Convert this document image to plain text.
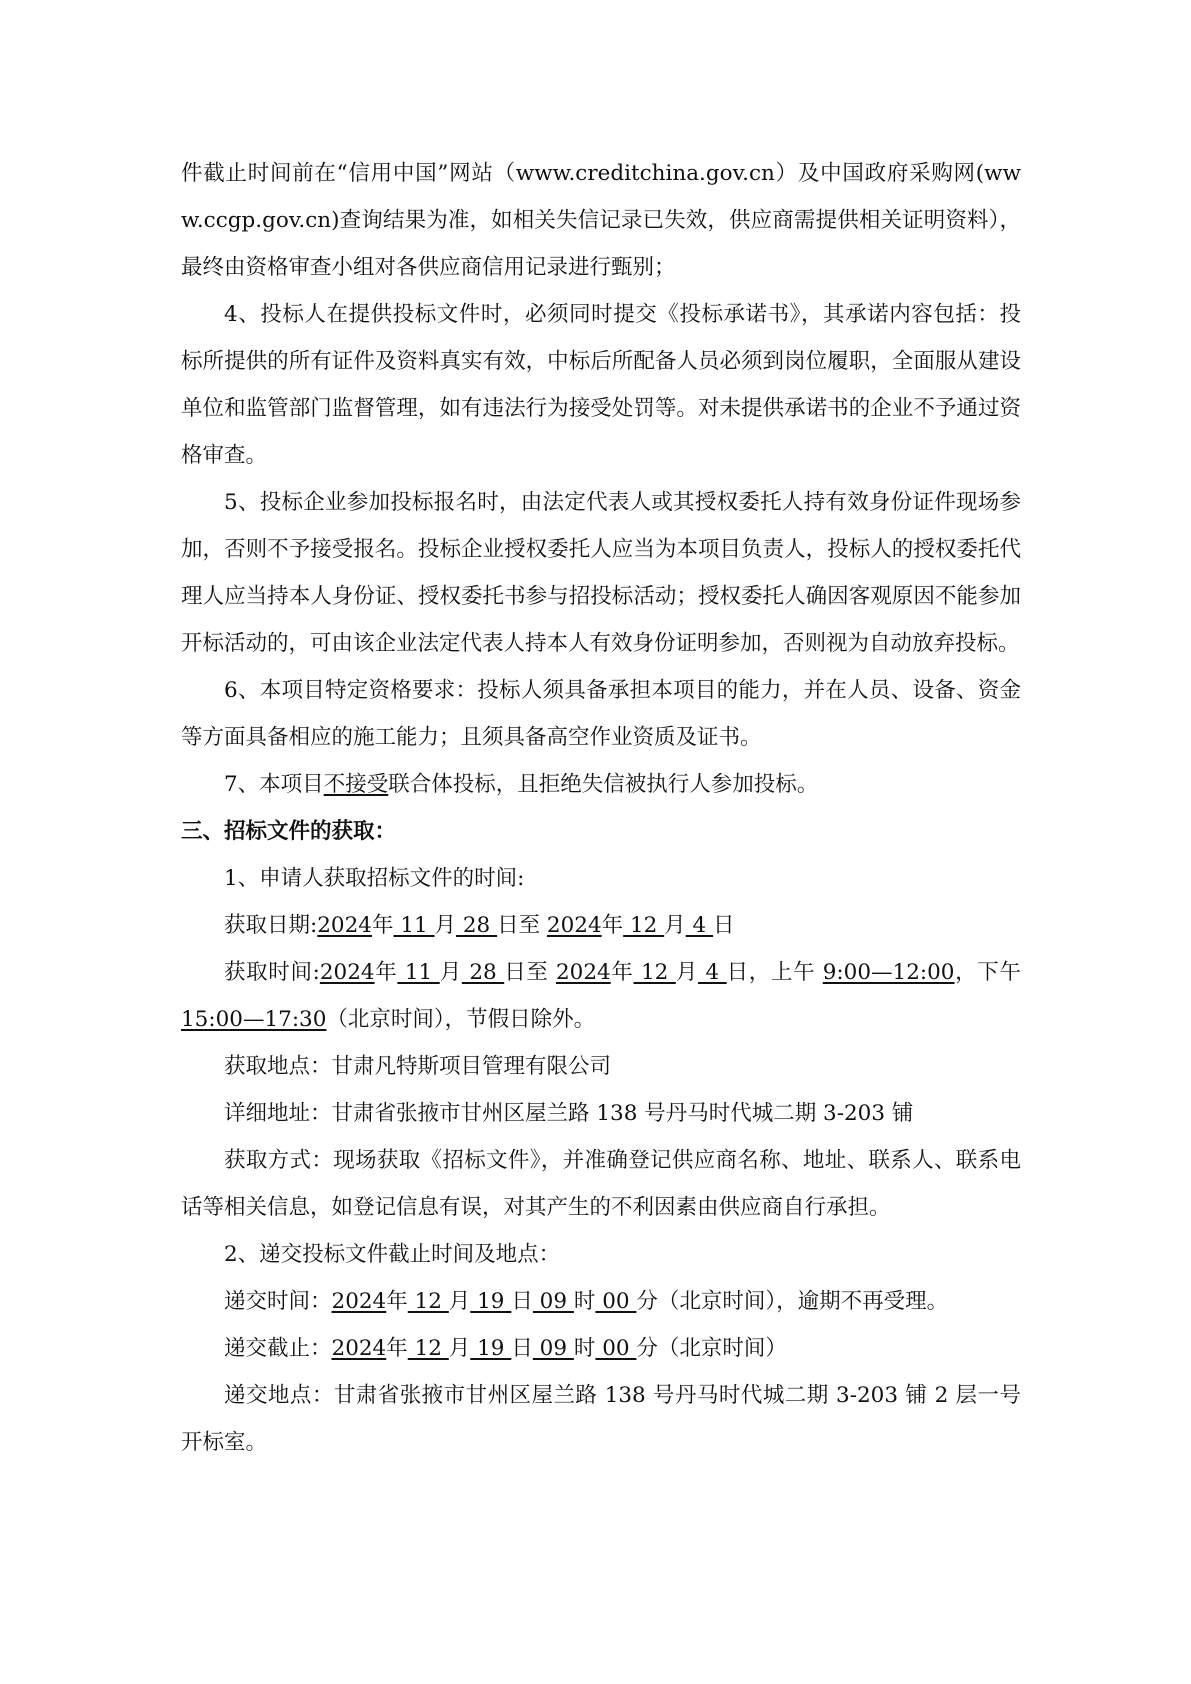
件截止时间前在“信用中国”网站（www.creditchina.gov.cn）及中国政府采购网(www.ccgp.gov.cn)查询结果为准，如相关失信记录已失效，供应商需提供相关证明资料），最终由资格审查小组对各供应商信用记录进行甄别；

4、投标人在提供投标文件时，必须同时提交《投标承诺书》，其承诺内容包括：投标所提供的所有证件及资料真实有效，中标后所配备人员必须到岗位履职，全面服从建设单位和监管部门监督管理，如有违法行为接受处罚等。对未提供承诺书的企业不予通过资格审查。

5、投标企业参加投标报名时，由法定代表人或其授权委托人持有效身份证件现场参加，否则不予接受报名。投标企业授权委托人应当为本项目负责人，投标人的授权委托代理人应当持本人身份证、授权委托书参与招投标活动；授权委托人确因客观原因不能参加开标活动的，可由该企业法定代表人持本人有效身份证明参加，否则视为自动放弃投标。

6、本项目特定资格要求：投标人须具备承担本项目的能力，并在人员、设备、资金等方面具备相应的施工能力；且须具备高空作业资质及证书。

7、本项目不接受联合体投标，且拒绝失信被执行人参加投标。

三、招标文件的获取：

1、申请人获取招标文件的时间:

获取日期:2024年 11 月 28 日至 2024年 12 月 4 日

获取时间:2024年 11 月 28 日至 2024年 12 月 4 日，上午 9:00—12:00，下午 15:00—17:30（北京时间），节假日除外。

获取地点：甘肃凡特斯项目管理有限公司

详细地址：甘肃省张掖市甘州区屋兰路 138 号丹马时代城二期 3-203 铺

获取方式：现场获取《招标文件》，并准确登记供应商名称、地址、联系人、联系电话等相关信息，如登记信息有误，对其产生的不利因素由供应商自行承担。

2、递交投标文件截止时间及地点：

递交时间：2024年 12 月 19 日 09 时 00 分（北京时间），逾期不再受理。

递交截止：2024年 12 月 19 日 09 时 00 分（北京时间）

递交地点：甘肃省张掖市甘州区屋兰路 138 号丹马时代城二期 3-203 铺 2 层一号开标室。
